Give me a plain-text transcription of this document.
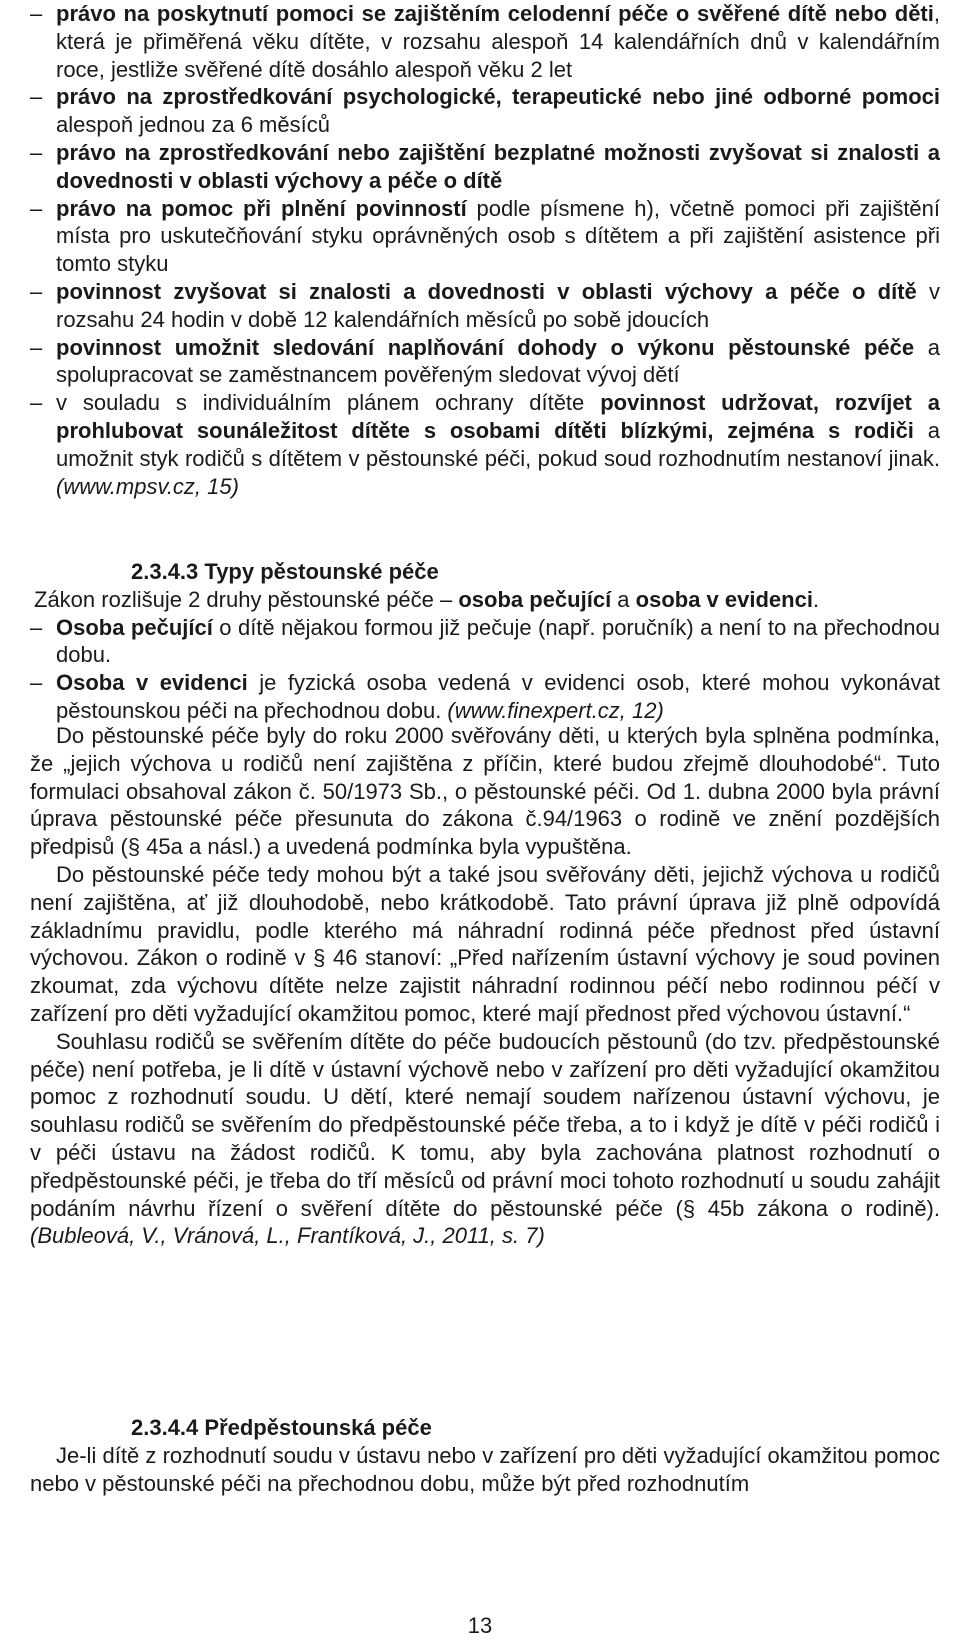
– právo na poskytnutí pomoci se zajištěním celodenní péče o svěřené dítě nebo děti, která je přiměřená věku dítěte, v rozsahu alespoň 14 kalendářních dnů v kalendářním roce, jestliže svěřené dítě dosáhlo alespoň věku 2 let
– právo na zprostředkování psychologické, terapeutické nebo jiné odborné pomoci alespoň jednou za 6 měsíců
– právo na zprostředkování nebo zajištění bezplatné možnosti zvyšovat si znalosti a dovednosti v oblasti výchovy a péče o dítě
– právo na pomoc při plnění povinností podle písmene h), včetně pomoci při zajištění místa pro uskutečňování styku oprávněných osob s dítětem a při zajištění asistence při tomto styku
– povinnost zvyšovat si znalosti a dovednosti v oblasti výchovy a péče o dítě v rozsahu 24 hodin v době 12 kalendářních měsíců po sobě jdoucích
– povinnost umožnit sledování naplňování dohody o výkonu pěstounské péče a spolupracovat se zaměstnancem pověřeným sledovat vývoj dětí
– v souladu s individuálním plánem ochrany dítěte povinnost udržovat, rozvíjet a prohlubovat sounáležitost dítěte s osobami dítěti blízkými, zejména s rodiči a umožnit styk rodičů s dítětem v pěstounské péči, pokud soud rozhodnutím nestanoví jinak. (www.mpsv.cz, 15)
2.3.4.3 Typy pěstounské péče
Zákon rozlišuje 2 druhy pěstounské péče – osoba pečující a osoba v evidenci.
– Osoba pečující o dítě nějakou formou již pečuje (např. poručník) a není to na přechodnou dobu.
– Osoba v evidenci je fyzická osoba vedená v evidenci osob, které mohou vykonávat pěstounskou péči na přechodnou dobu. (www.finexpert.cz, 12)
Do pěstounské péče byly do roku 2000 svěřovány děti, u kterých byla splněna podmínka, že „jejich výchova u rodičů není zajištěna z příčin, které budou zřejmě dlouhodobé“. Tuto formulaci obsahoval zákon č. 50/1973 Sb., o pěstounské péči. Od 1. dubna 2000 byla právní úprava pěstounské péče přesunuta do zákona č.94/1963 o rodině ve znění pozdějších předpisů (§ 45a a násl.) a uvedená podmínka byla vypuštěna.
Do pěstounské péče tedy mohou být a také jsou svěřovány děti, jejichž výchova u rodičů není zajištěna, ať již dlouhodobě, nebo krátkodobě. Tato právní úprava již plně odpovídá základnímu pravidlu, podle kterého má náhradní rodinná péče přednost před ústavní výchovou. Zákon o rodině v § 46 stanoví: „Před nařízením ústavní výchovy je soud povinen zkoumat, zda výchovu dítěte nelze zajistit náhradní rodinnou péčí nebo rodinnou péčí v zařízení pro děti vyžadující okamžitou pomoc, které mají přednost před výchovou ústavní.“
Souhlasu rodičů se svěřením dítěte do péče budoucích pěstounů (do tzv. předpěstounské péče) není potřeba, je li dítě v ústavní výchově nebo v zařízení pro děti vyžadující okamžitou pomoc z rozhodnutí soudu. U dětí, které nemají soudem nařízenou ústavní výchovu, je souhlasu rodičů se svěřením do předpěstounské péče třeba, a to i když je dítě v péči rodičů i v péči ústavu na žádost rodičů. K tomu, aby byla zachována platnost rozhodnutí o předpěstounské péči, je třeba do tří měsíců od právní moci tohoto rozhodnutí u soudu zahájit podáním návrhu řízení o svěření dítěte do pěstounské péče (§ 45b zákona o rodině). (Bubleová, V., Vránová, L., Frantíková, J., 2011, s. 7)
2.3.4.4 Předpěstounská péče
Je-li dítě z rozhodnutí soudu v ústavu nebo v zařízení pro děti vyžadující okamžitou pomoc nebo v pěstounské péči na přechodnou dobu, může být před rozhodnutím
13
